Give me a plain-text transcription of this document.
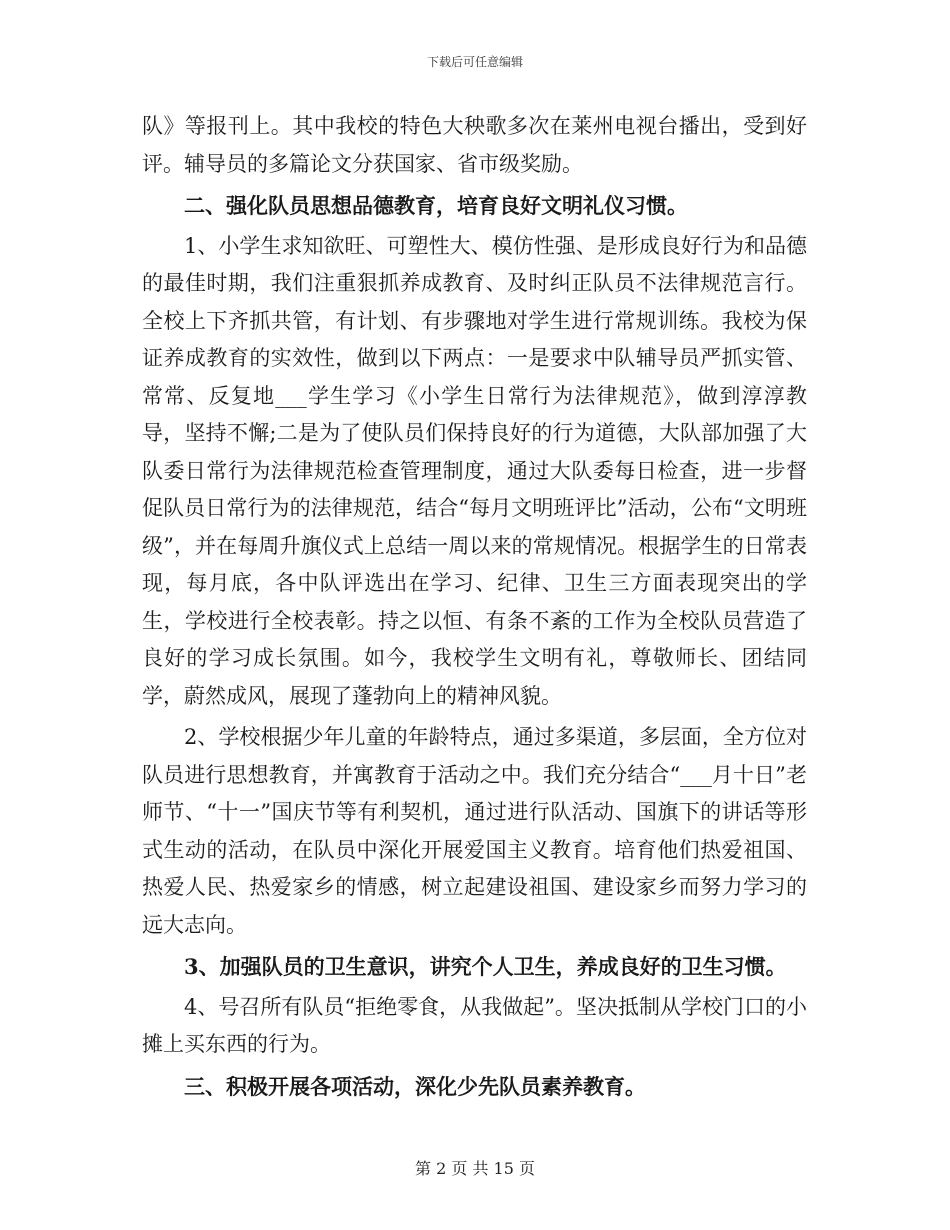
下载后可任意编辑

队》等报刊上。其中我校的特色大秧歌多次在莱州电视台播出，受到好评。辅导员的多篇论文分获国家、省市级奖励。

二、强化队员思想品德教育，培育良好文明礼仪习惯。

1、小学生求知欲旺、可塑性大、模仿性强、是形成良好行为和品德的最佳时期，我们注重狠抓养成教育、及时纠正队员不法律规范言行。全校上下齐抓共管，有计划、有步骤地对学生进行常规训练。我校为保证养成教育的实效性，做到以下两点：一是要求中队辅导员严抓实管、常常、反复地___学生学习《小学生日常行为法律规范》，做到淳淳教导，坚持不懈;二是为了使队员们保持良好的行为道德，大队部加强了大队委日常行为法律规范检查管理制度，通过大队委每日检查，进一步督促队员日常行为的法律规范，结合“每月文明班评比”活动，公布“文明班级”，并在每周升旗仪式上总结一周以来的常规情况。根据学生的日常表现，每月底，各中队评选出在学习、纪律、卫生三方面表现突出的学生，学校进行全校表彰。持之以恒、有条不紊的工作为全校队员营造了良好的学习成长氛围。如今，我校学生文明有礼，尊敬师长、团结同学，蔚然成风，展现了蓬勃向上的精神风貌。

2、学校根据少年儿童的年龄特点，通过多渠道，多层面，全方位对队员进行思想教育，并寓教育于活动之中。我们充分结合“___月十日”老师节、“十一”国庆节等有利契机，通过进行队活动、国旗下的讲话等形式生动的活动，在队员中深化开展爱国主义教育。培育他们热爱祖国、热爱人民、热爱家乡的情感，树立起建设祖国、建设家乡而努力学习的远大志向。

3、加强队员的卫生意识，讲究个人卫生，养成良好的卫生习惯。

4、号召所有队员“拒绝零食，从我做起”。坚决抵制从学校门口的小摊上买东西的行为。

三、积极开展各项活动，深化少先队员素养教育。

第 2 页 共 15 页
